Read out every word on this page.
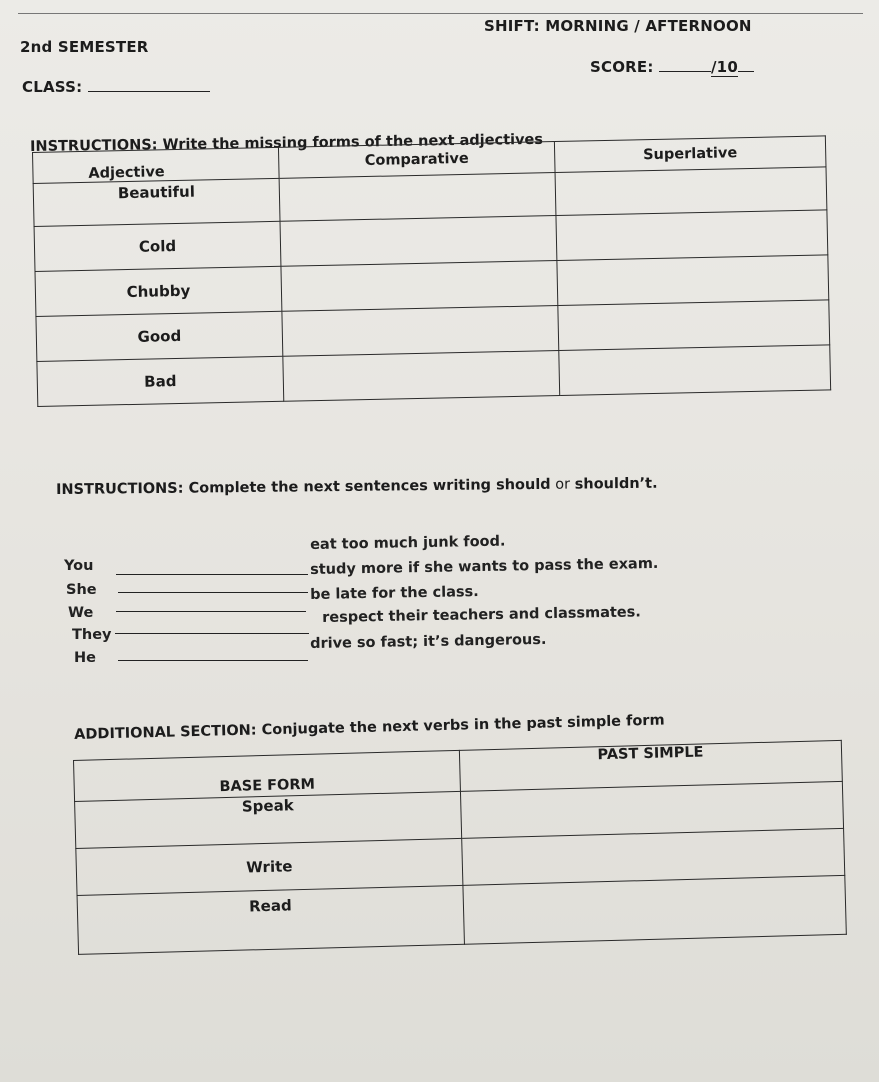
2nd SEMESTER
SHIFT: MORNING / AFTERNOON
CLASS:
SCORE:	/10
INSTRUCTIONS: Write the missing forms of the next adjectives
Adjective	Comparative	Superlative
Beautiful		
Cold		
Chubby		
Good		
Bad		
INSTRUCTIONS: Complete the next sentences writing should or shouldn’t.
You
eat too much junk food.
She
study more if she wants to pass the exam.
We
be late for the class.
They
respect their teachers and classmates.
He
drive so fast; it’s dangerous.
ADDITIONAL SECTION: Conjugate the next verbs in the past simple form
BASE FORM	PAST SIMPLE
Speak	
Write	
Read	
